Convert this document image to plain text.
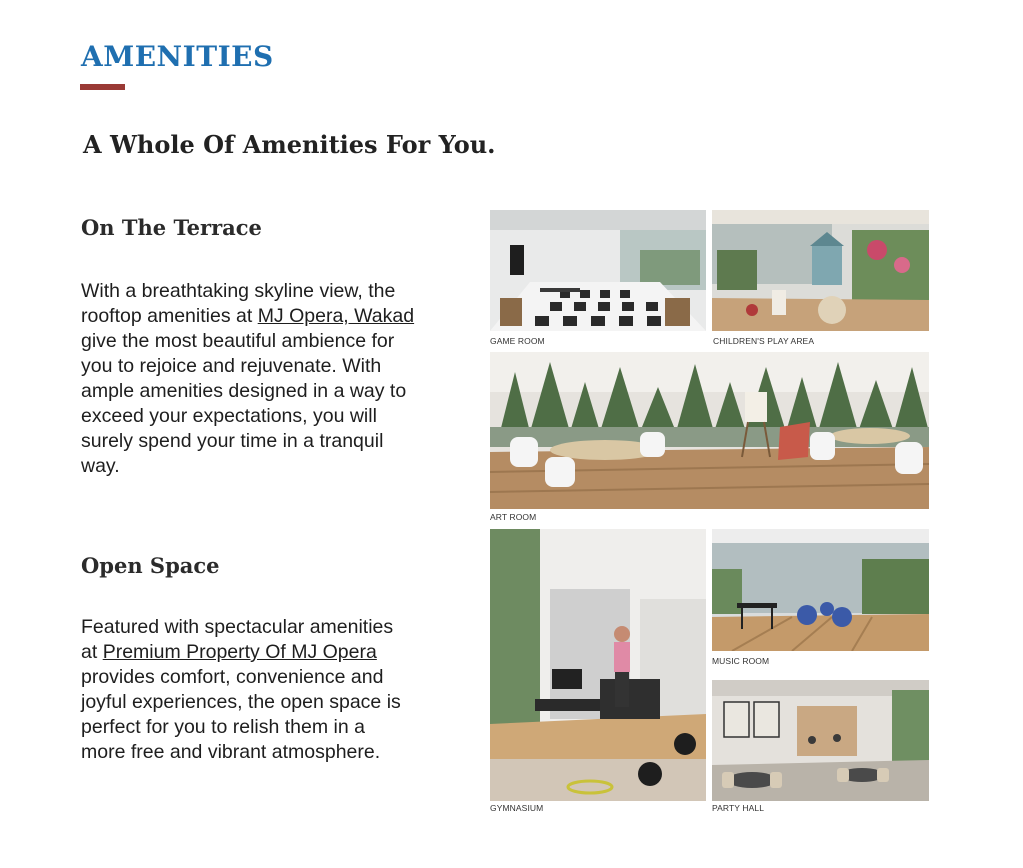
AMENITIES
A Whole Of Amenities For You.
On The Terrace

With a breathtaking skyline view, the rooftop amenities at MJ Opera, Wakad give the most beautiful ambience for you to rejoice and rejuvenate. With ample amenities designed in a way to exceed your expectations, you will surely spend your time in a tranquil way.

Open Space

Featured with spectacular amenities at Premium Property Of MJ Opera provides comfort, convenience and joyful experiences, the open space is perfect for you to relish them in a more free and vibrant atmosphere.

GAME ROOM	CHILDREN'S PLAY AREA
ART ROOM
GYMNASIUM
MUSIC ROOM
PARTY HALL
